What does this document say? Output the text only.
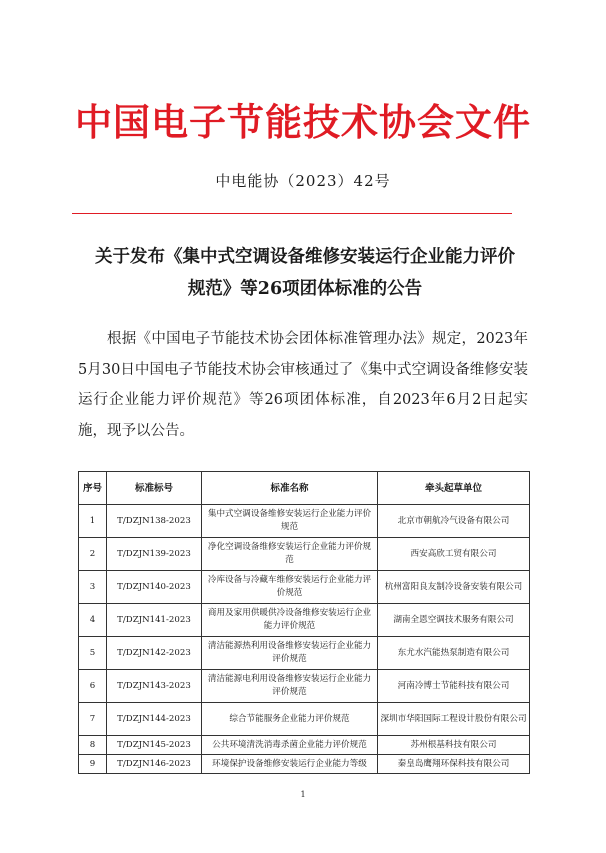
中国电子节能技术协会文件
中电能协（2023）42号
关于发布《集中式空调设备维修安装运行企业能力评价
规范》等26项团体标准的公告

根据《中国电子节能技术协会团体标准管理办法》规定，2023年5月30日中国电子节能技术协会审核通过了《集中式空调设备维修安装运行企业能力评价规范》等26项团体标准，自2023年6月2日起实施，现予以公告。

序号	标准标号	标准名称	牵头起草单位
1	T/DZJN138-2023	集中式空调设备维修安装运行企业能力评价规范	北京市朝航冷气设备有限公司
2	T/DZJN139-2023	净化空调设备维修安装运行企业能力评价规范	西安高欣工贸有限公司
3	T/DZJN140-2023	冷库设备与冷藏车维修安装运行企业能力评价规范	杭州富阳良友制冷设备安装有限公司
4	T/DZJN141-2023	商用及家用供暖供冷设备维修安装运行企业能力评价规范	湖南全恩空调技术服务有限公司
5	T/DZJN142-2023	清洁能源热利用设备维修安装运行企业能力评价规范	东尤水汽能热泵制造有限公司
6	T/DZJN143-2023	清洁能源电利用设备维修安装运行企业能力评价规范	河南冷博士节能科技有限公司
7	T/DZJN144-2023	综合节能服务企业能力评价规范	深圳市华阳国际工程设计股份有限公司
8	T/DZJN145-2023	公共环境清洗消毒杀菌企业能力评价规范	苏州根基科技有限公司
9	T/DZJN146-2023	环境保护设备维修安装运行企业能力等级	秦皇岛鹰翔环保科技有限公司
1
